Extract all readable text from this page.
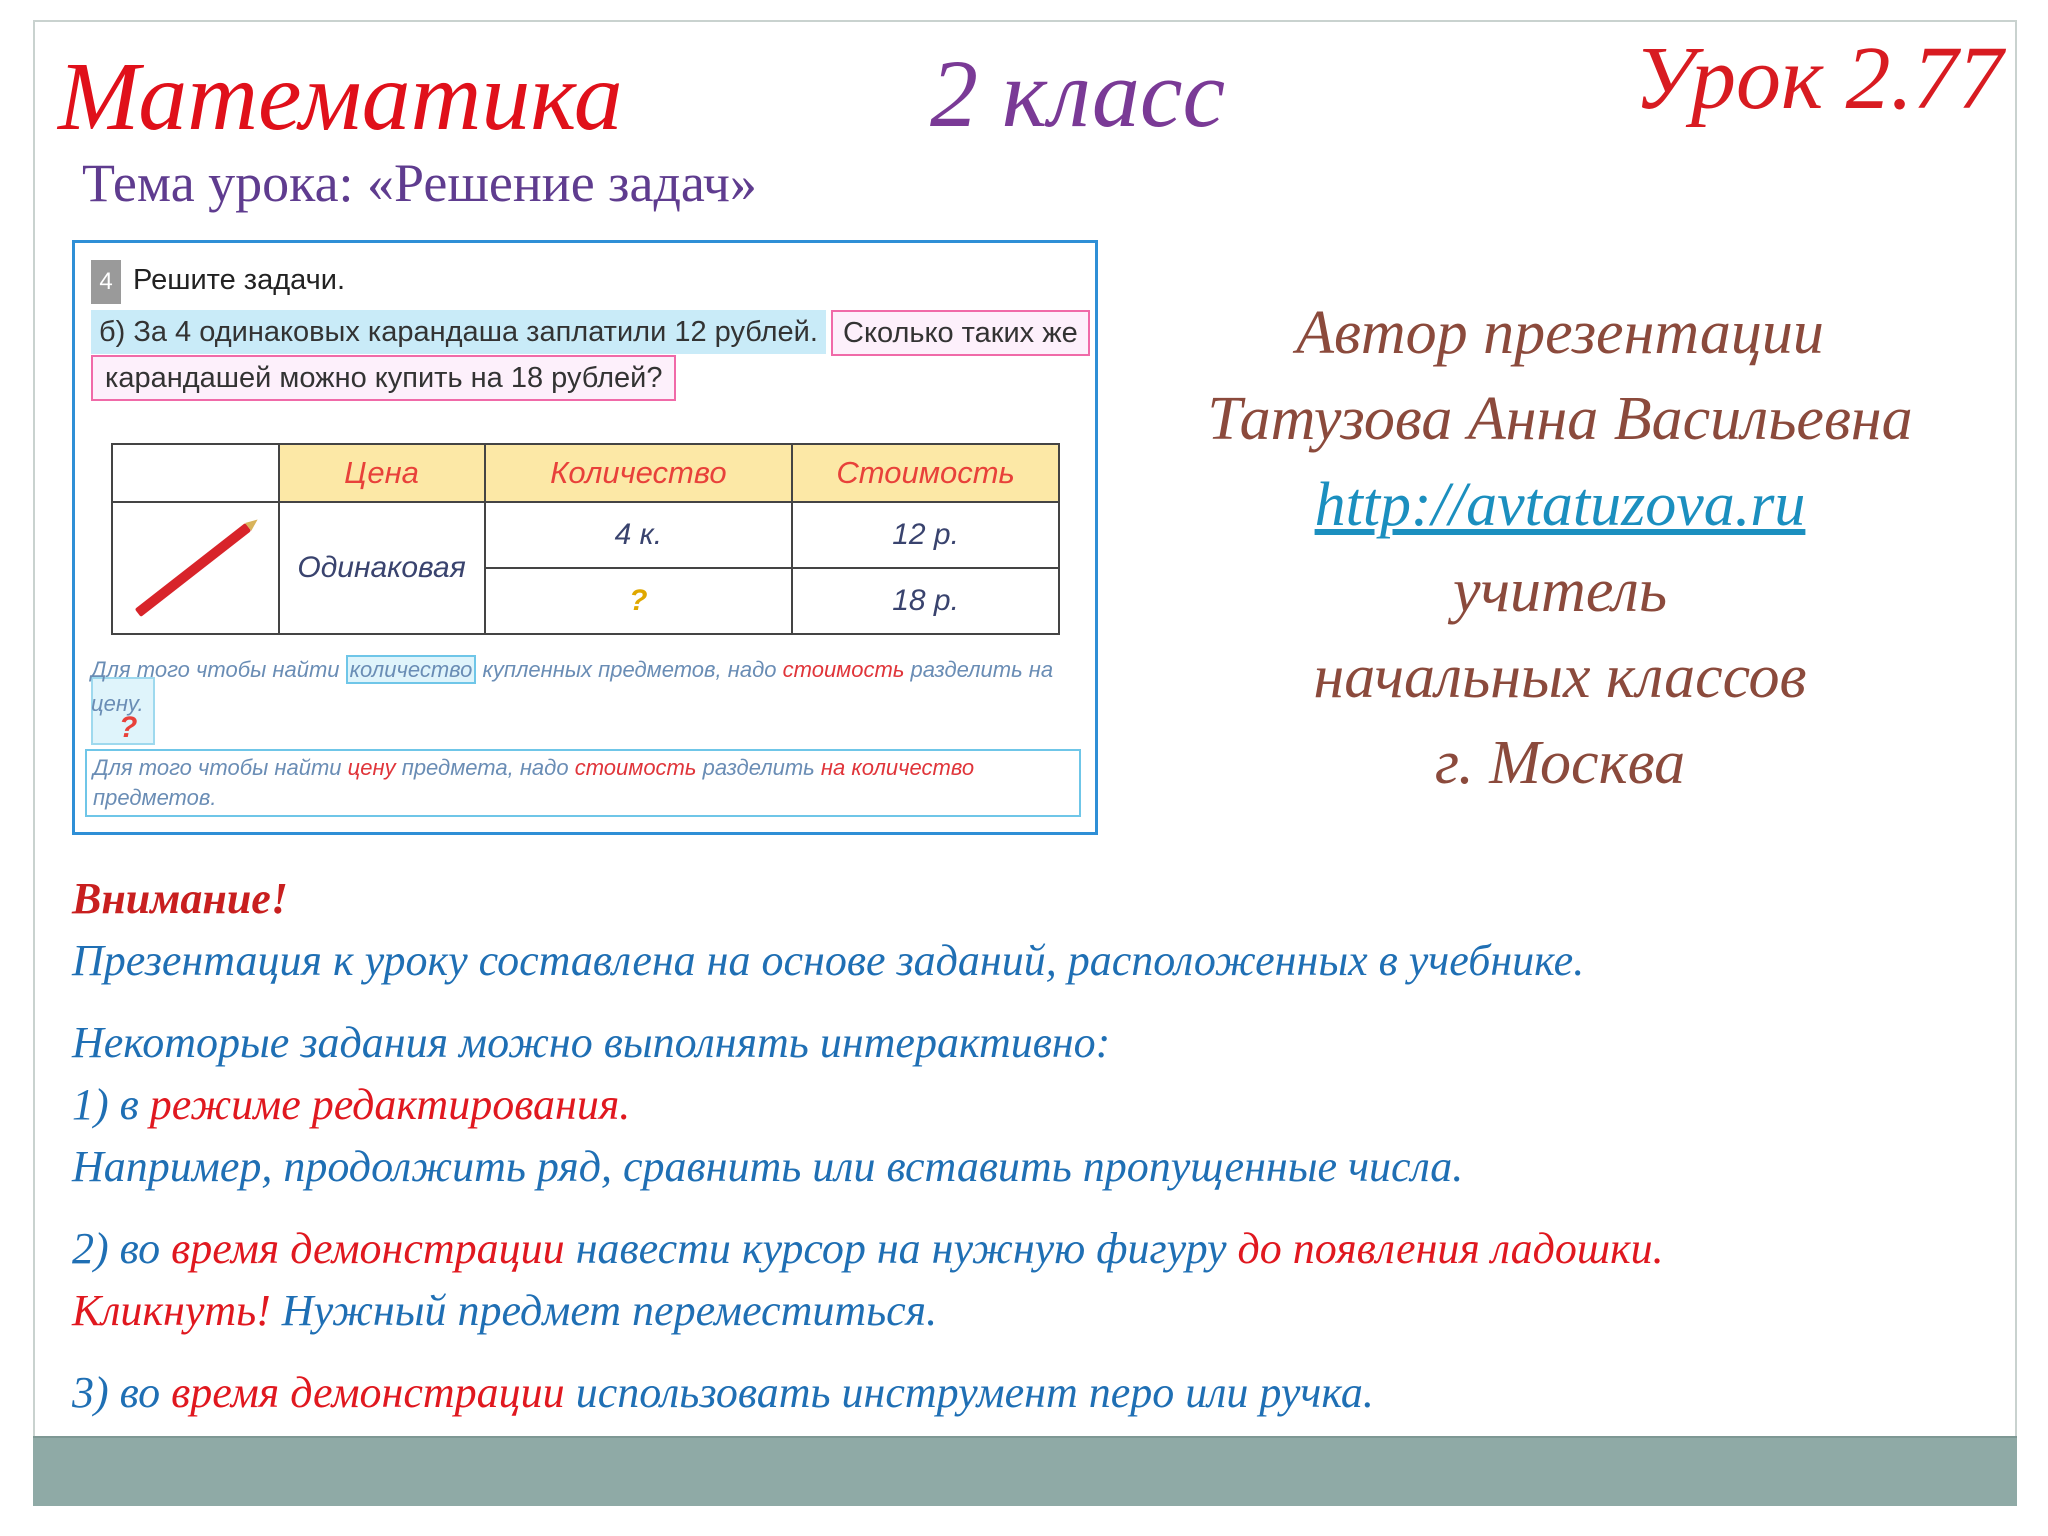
Математика	2 класс	Урок 2.77
Тема урока: «Решение задач»
4 Решите задачи.
б) За 4 одинаковых карандаша заплатили 12 рублей. Сколько таких же
карандашей можно купить на 18 рублей?
	Цена	Количество	Стоимость

	Одинаковая	4 к.	12 р.
		?	18 р.
Для того чтобы найти количество купленных предметов, надо стоимость разделить на цену.
?
Для того чтобы найти цену предмета, надо стоимость разделить на количество предметов.
Автор презентации
Татузова Анна Васильевна
http://avtatuzova.ru
учитель
начальных классов
г. Москва
Внимание!
Презентация к уроку составлена на основе заданий, расположенных в учебнике.
Некоторые задания можно выполнять интерактивно:
1) в режиме редактирования.
Например, продолжить ряд, сравнить или вставить пропущенные числа.
2) во время демонстрации навести курсор на нужную фигуру до появления ладошки.
Кликнуть! Нужный предмет переместиться.
3) во время демонстрации использовать инструмент перо или ручка.
